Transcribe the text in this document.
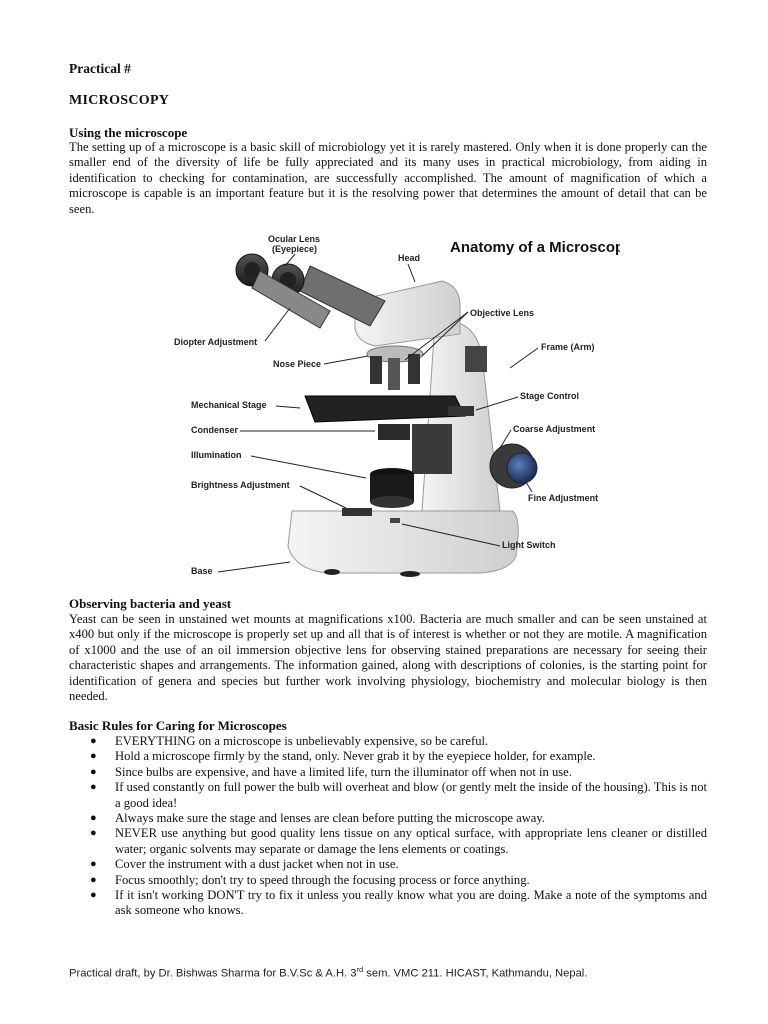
Practical #
MICROSCOPY
Using the microscope

The setting up of a microscope is a basic skill of microbiology yet it is rarely mastered. Only when it is done properly can the smaller end of the diversity of life be fully appreciated and its many uses in practical microbiology, from aiding in identification to checking for contamination, are successfully accomplished. The amount of magnification of which a microscope is capable is an important feature but it is the resolving power that determines the amount of detail that can be seen.

Anatomy of a Microscope
Ocular Lens
(Eyepiece)
Head
Objective Lens
Diopter Adjustment	Frame (Arm)
Nose Piece
Stage Control
Mechanical Stage
Condenser	Coarse Adjustment
Illumination
Brightness Adjustment
Fine Adjustment
Light Switch
Base
Observing bacteria and yeast

Yeast can be seen in unstained wet mounts at magnifications x100. Bacteria are much smaller and can be seen unstained at x400 but only if the microscope is properly set up and all that is of interest is whether or not they are motile. A magnification of x1000 and the use of an oil immersion objective lens for observing stained preparations are necessary for seeing their characteristic shapes and arrangements. The information gained, along with descriptions of colonies, is the starting point for identification of genera and species but further work involving physiology, biochemistry and molecular biology is then needed.

Basic Rules for Caring for Microscopes
● EVERYTHING on a microscope is unbelievably expensive, so be careful.
● Hold a microscope firmly by the stand, only. Never grab it by the eyepiece holder, for example.
● Since bulbs are expensive, and have a limited life, turn the illuminator off when not in use.
● If used constantly on full power the bulb will overheat and blow (or gently melt the inside of the housing). This is not a good idea!
● Always make sure the stage and lenses are clean before putting the microscope away.
● NEVER use anything but good quality lens tissue on any optical surface, with appropriate lens cleaner or distilled water; organic solvents may separate or damage the lens elements or coatings.
● Cover the instrument with a dust jacket when not in use.
● Focus smoothly; don't try to speed through the focusing process or force anything.
● If it isn't working DON'T try to fix it unless you really know what you are doing. Make a note of the symptoms and ask someone who knows.
Practical draft, by Dr. Bishwas Sharma for B.V.Sc & A.H. 3rd sem. VMC 211. HICAST, Kathmandu, Nepal.
